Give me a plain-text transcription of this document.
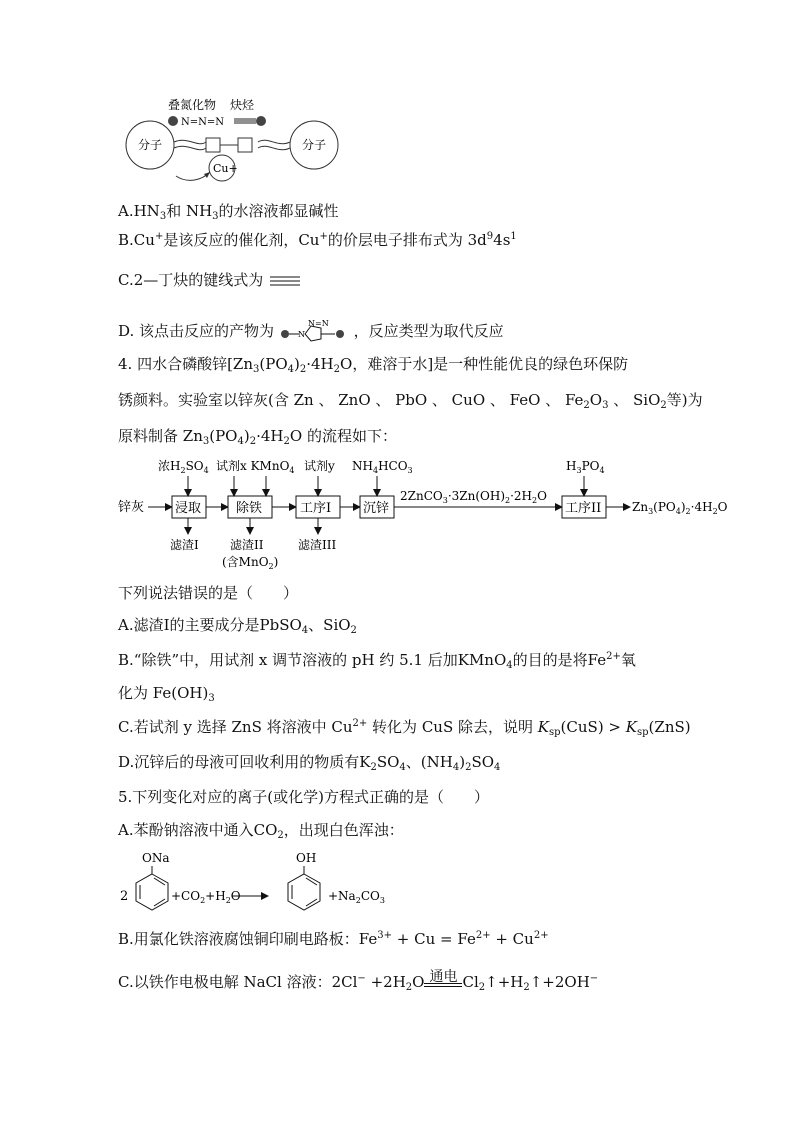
叠氮化物 炔烃
N=N=N
分子	分子
Cu+
$A.HN_3$和 $NH_3$的水溶液都显碱性
B.Cu+是该反应的催化剂，Cu+的价层电子排布式为 $3d^94s^1$
C.2—丁炔的键线式为
D. 该点击反应的产物为	N=N
N	，反应类型为取代反应
4. 四水合磷酸锌[$Zn_3(PO_4)_2\cdot 4H_2O$，难溶于水]是一种性能优良的绿色环保防
锈颜料。实验室以锌灰(含 Zn 、 ZnO 、 PbO 、 CuO 、 FeO 、 $Fe_2O_3$ 、 SiO$_2$等)为
原料制备 $Zn_3(PO_4)_2\cdot 4H_2O$ 的流程如下：
锌灰 浸取	除铁	工序I 沉锌
$2ZnCO_3\cdot 3Zn(OH)_2\cdot 2H_2O$
工序II	$Zn_3(PO_4)_2\cdot 4H_2O$
浓$H_2SO_4$ 试剂x KMnO$_4$ 试剂y $NH_4HCO_3$	$H_3PO_4$
滤渣I	滤渣II
(含MnO$_2$)
滤渣III
下列说法错误的是（　　）
A.滤渣Ⅰ的主要成分是PbSO$_4$、SiO$_2$
B.“除铁”中，用试剂 x 调节溶液的 pH 约 5.1 后加KMnO$_4$的目的是将$Fe^{2+}$氧
化为 $Fe(OH)_3$
C.若试剂 y 选择 ZnS 将溶液中 $Cu^{2+}$ 转化为 CuS 除去，说明 $K_{sp}(CuS) > K_{sp}(ZnS)$
D.沉锌后的母液可回收利用的物质有$K_2SO_4$、$(NH_4)_2SO_4$
5.下列变化对应的离子(或化学)方程式正确的是（　　）
A.苯酚钠溶液中通入$CO_2$，出现白色浑浊：
2
ONa
$+CO_2+H_2O$
OH
$+Na_2CO_3$
B.用氯化铁溶液腐蚀铜印刷电路板：$Fe^{3+} + Cu = Fe^{2+} + Cu^{2+}$
C.以铁作电极电解 NaCl 溶液：$2Cl^- +2H_2O$ 通电 $Cl_2↑+H_2↑+2OH^-$
